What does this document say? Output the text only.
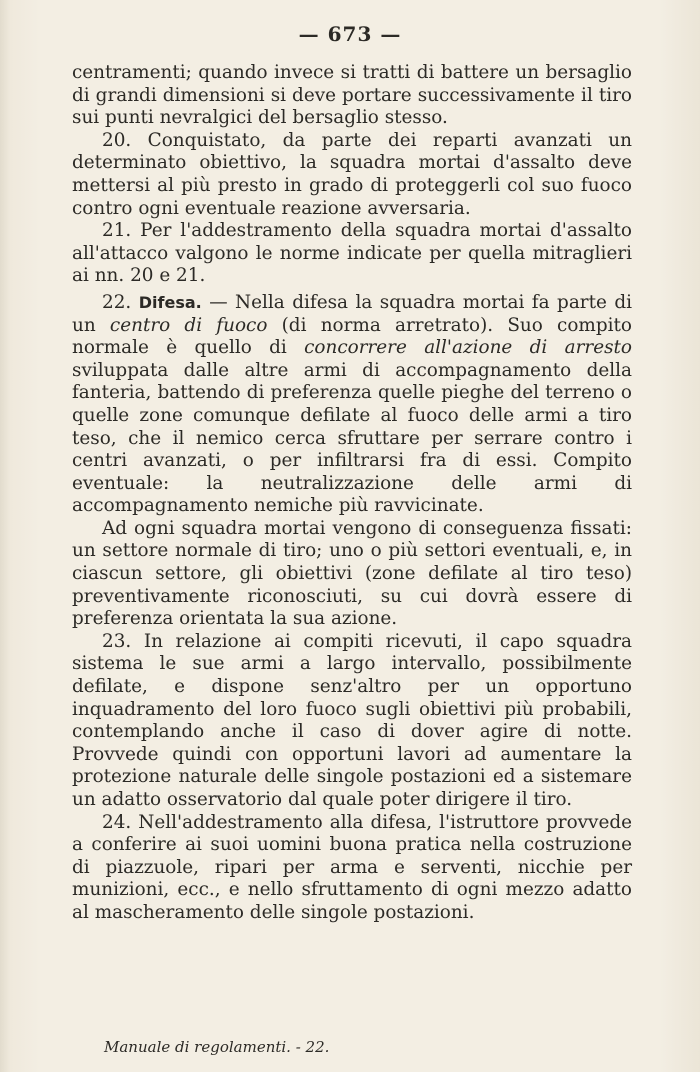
— 673 —

centramenti; quando invece si tratti di battere un bersaglio di grandi dimensioni si deve portare successivamente il tiro sui punti nevralgici del bersaglio stesso.

20. Conquistato, da parte dei reparti avanzati un determinato obiettivo, la squadra mortai d'assalto deve mettersi al più presto in grado di proteggerli col suo fuoco contro ogni eventuale reazione avversaria.

21. Per l'addestramento della squadra mortai d'assalto all'attacco valgono le norme indicate per quella mitraglieri ai nn. 20 e 21.

22. Difesa. — Nella difesa la squadra mortai fa parte di un centro di fuoco (di norma arretrato). Suo compito normale è quello di concorrere all'azione di arresto sviluppata dalle altre armi di accompagnamento della fanteria, battendo di preferenza quelle pieghe del terreno o quelle zone comunque defilate al fuoco delle armi a tiro teso, che il nemico cerca sfruttare per serrare contro i centri avanzati, o per infiltrarsi fra di essi. Compito eventuale: la neutralizzazione delle armi di accompagnamento nemiche più ravvicinate.

Ad ogni squadra mortai vengono di conseguenza fissati: un settore normale di tiro; uno o più settori eventuali, e, in ciascun settore, gli obiettivi (zone defilate al tiro teso) preventivamente riconosciuti, su cui dovrà essere di preferenza orientata la sua azione.

23. In relazione ai compiti ricevuti, il capo squadra sistema le sue armi a largo intervallo, possibilmente defilate, e dispone senz'altro per un opportuno inquadramento del loro fuoco sugli obiettivi più probabili, contemplando anche il caso di dover agire di notte. Provvede quindi con opportuni lavori ad aumentare la protezione naturale delle singole postazioni ed a sistemare un adatto osservatorio dal quale poter dirigere il tiro.

24. Nell'addestramento alla difesa, l'istruttore provvede a conferire ai suoi uomini buona pratica nella costruzione di piazzuole, ripari per arma e serventi, nicchie per munizioni, ecc., e nello sfruttamento di ogni mezzo adatto al mascheramento delle singole postazioni.

Manuale di regolamenti. - 22.
